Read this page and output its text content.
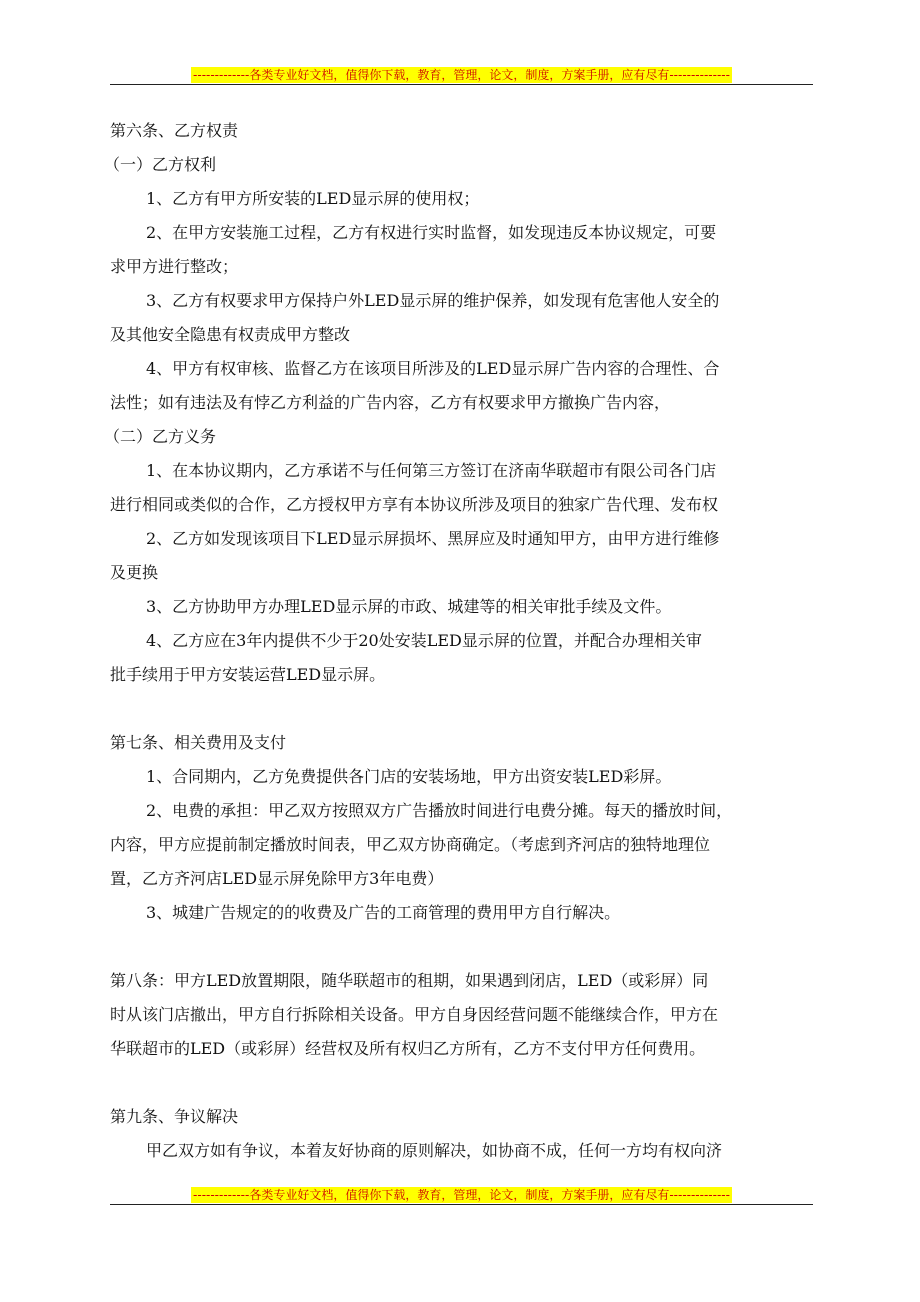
-------------各类专业好文档，值得你下载，教育，管理，论文，制度，方案手册，应有尽有--------------
第六条、乙方权责
（一）乙方权利
1、乙方有甲方所安装的LED显示屏的使用权；
2、在甲方安装施工过程，乙方有权进行实时监督，如发现违反本协议规定，可要
求甲方进行整改；
3、乙方有权要求甲方保持户外LED显示屏的维护保养，如发现有危害他人安全的
及其他安全隐患有权责成甲方整改
4、甲方有权审核、监督乙方在该项目所涉及的LED显示屏广告内容的合理性、合
法性；如有违法及有悖乙方利益的广告内容，乙方有权要求甲方撤换广告内容，
（二）乙方义务
1、在本协议期内，乙方承诺不与任何第三方签订在济南华联超市有限公司各门店
进行相同或类似的合作，乙方授权甲方享有本协议所涉及项目的独家广告代理、发布权
2、乙方如发现该项目下LED显示屏损坏、黑屏应及时通知甲方，由甲方进行维修
及更换
3、乙方协助甲方办理LED显示屏的市政、城建等的相关审批手续及文件。
4、乙方应在3年内提供不少于20处安装LED显示屏的位置，并配合办理相关审
批手续用于甲方安装运营LED显示屏。
第七条、相关费用及支付
1、合同期内，乙方免费提供各门店的安装场地，甲方出资安装LED彩屏。
2、电费的承担：甲乙双方按照双方广告播放时间进行电费分摊。每天的播放时间，
内容，甲方应提前制定播放时间表，甲乙双方协商确定。（考虑到齐河店的独特地理位
置，乙方齐河店LED显示屏免除甲方3年电费）
3、城建广告规定的的收费及广告的工商管理的费用甲方自行解决。
第八条：甲方LED放置期限，随华联超市的租期，如果遇到闭店，LED（或彩屏）同
时从该门店撤出，甲方自行拆除相关设备。甲方自身因经营问题不能继续合作，甲方在
华联超市的LED（或彩屏）经营权及所有权归乙方所有，乙方不支付甲方任何费用。
第九条、争议解决
甲乙双方如有争议，本着友好协商的原则解决，如协商不成，任何一方均有权向济
-------------各类专业好文档，值得你下载，教育，管理，论文，制度，方案手册，应有尽有--------------
